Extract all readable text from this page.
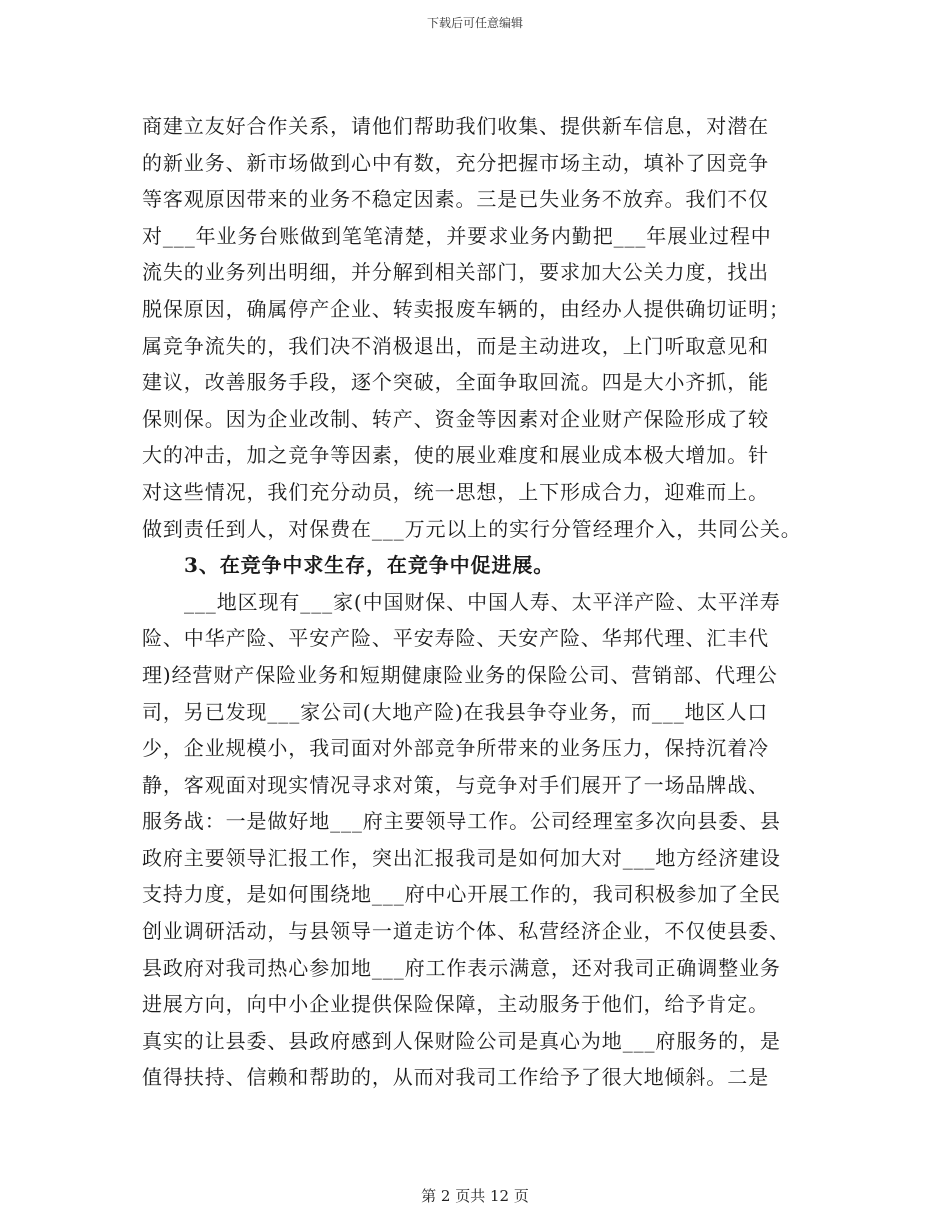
下载后可任意编辑
商建立友好合作关系，请他们帮助我们收集、提供新车信息，对潜在
的新业务、新市场做到心中有数，充分把握市场主动，填补了因竞争
等客观原因带来的业务不稳定因素。三是已失业务不放弃。我们不仅
对___年业务台账做到笔笔清楚，并要求业务内勤把___年展业过程中
流失的业务列出明细，并分解到相关部门，要求加大公关力度，找出
脱保原因，确属停产企业、转卖报废车辆的，由经办人提供确切证明；
属竞争流失的，我们决不消极退出，而是主动进攻，上门听取意见和
建议，改善服务手段，逐个突破，全面争取回流。四是大小齐抓，能
保则保。因为企业改制、转产、资金等因素对企业财产保险形成了较
大的冲击，加之竞争等因素，使的展业难度和展业成本极大增加。针
对这些情况，我们充分动员，统一思想，上下形成合力，迎难而上。
做到责任到人，对保费在___万元以上的实行分管经理介入，共同公关。
3、在竞争中求生存，在竞争中促进展。
___地区现有___家(中国财保、中国人寿、太平洋产险、太平洋寿
险、中华产险、平安产险、平安寿险、天安产险、华邦代理、汇丰代
理)经营财产保险业务和短期健康险业务的保险公司、营销部、代理公
司，另已发现___家公司(大地产险)在我县争夺业务，而___地区人口
少，企业规模小，我司面对外部竞争所带来的业务压力，保持沉着冷
静，客观面对现实情况寻求对策，与竞争对手们展开了一场品牌战、
服务战：一是做好地___府主要领导工作。公司经理室多次向县委、县
政府主要领导汇报工作，突出汇报我司是如何加大对___地方经济建设
支持力度，是如何围绕地___府中心开展工作的，我司积极参加了全民
创业调研活动，与县领导一道走访个体、私营经济企业，不仅使县委、
县政府对我司热心参加地___府工作表示满意，还对我司正确调整业务
进展方向，向中小企业提供保险保障，主动服务于他们，给予肯定。
真实的让县委、县政府感到人保财险公司是真心为地___府服务的，是
值得扶持、信赖和帮助的，从而对我司工作给予了很大地倾斜。二是
第 2 页共 12 页
